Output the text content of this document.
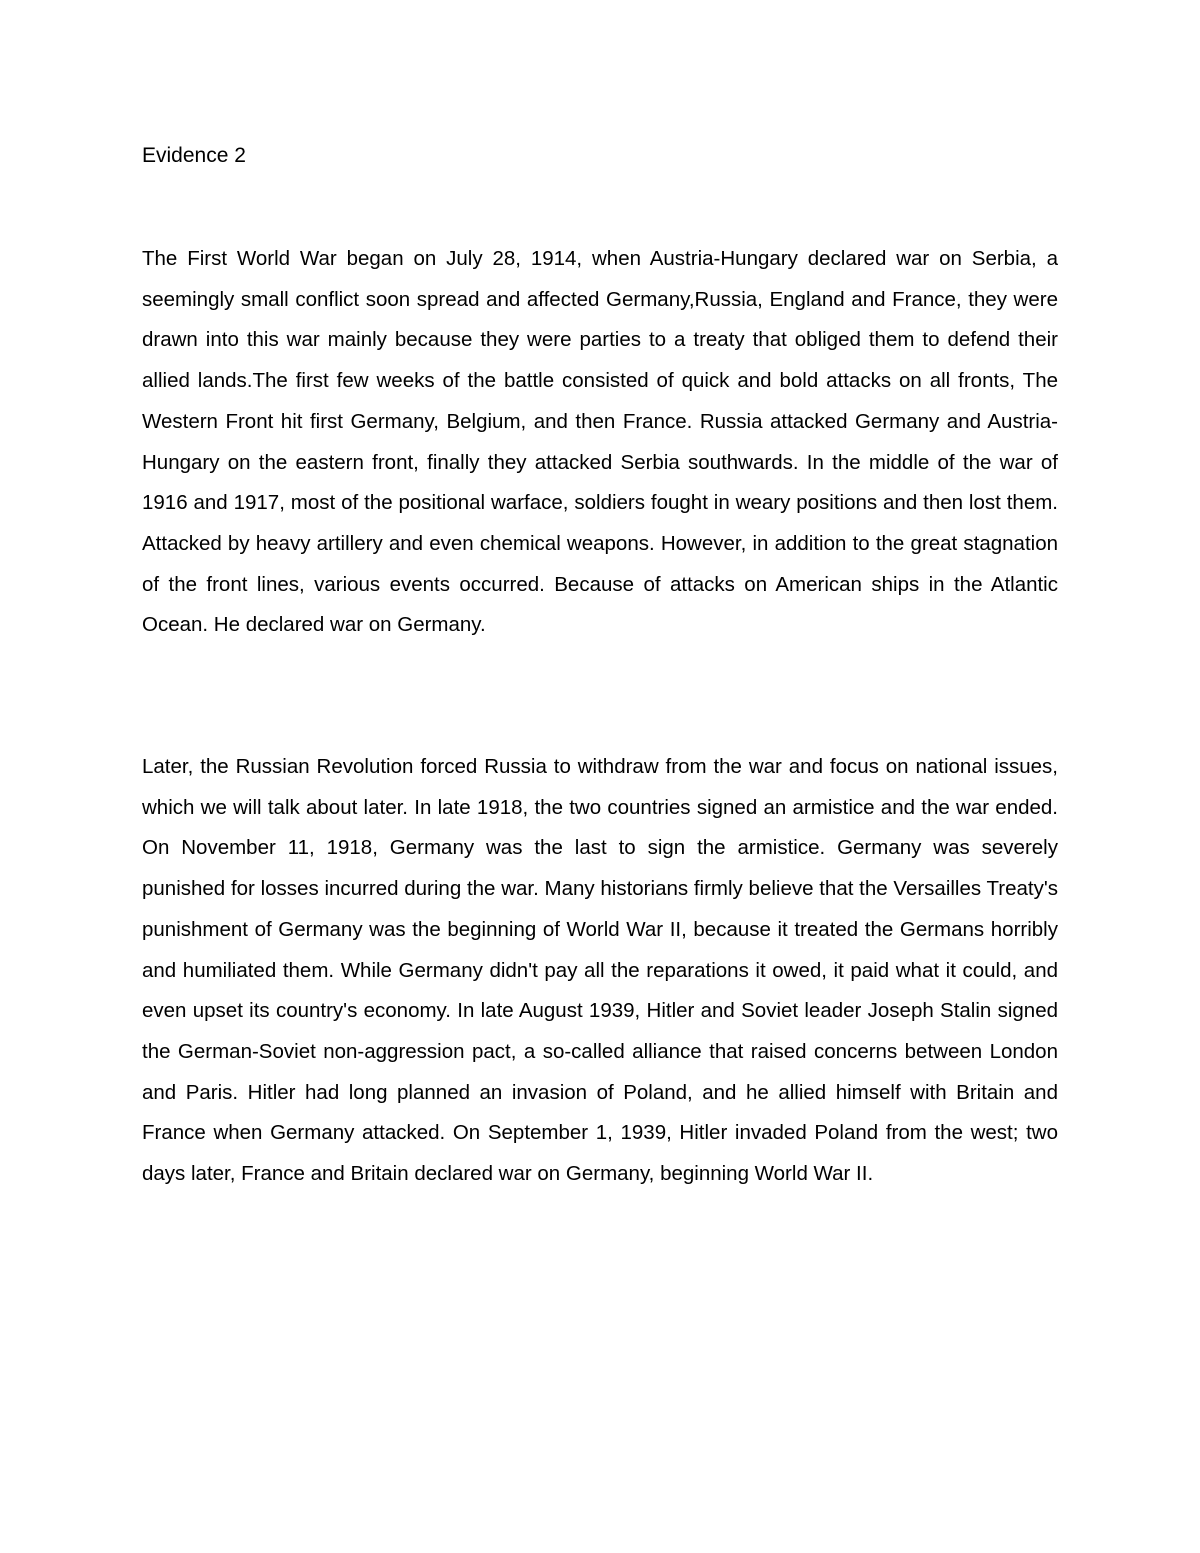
Evidence 2

The First World War began on July 28, 1914, when Austria-Hungary declared war on Serbia, a seemingly small conflict soon spread and affected Germany,Russia, England and France, they were drawn into this war mainly because they were parties to a treaty that obliged them to defend their allied lands.The first few weeks of the battle consisted of quick and bold attacks on all fronts, The Western Front hit first Germany, Belgium, and then France. Russia attacked Germany and Austria-Hungary on the eastern front, finally they attacked Serbia southwards. In the middle of the war of 1916 and 1917, most of the positional warface, soldiers fought in weary positions and then lost them. Attacked by heavy artillery and even chemical weapons. However, in addition to the great stagnation of the front lines, various events occurred. Because of attacks on American ships in the Atlantic Ocean. He declared war on Germany.

Later, the Russian Revolution forced Russia to withdraw from the war and focus on national issues, which we will talk about later. In late 1918, the two countries signed an armistice and the war ended. On November 11, 1918, Germany was the last to sign the armistice. Germany was severely punished for losses incurred during the war. Many historians firmly believe that the Versailles Treaty's punishment of Germany was the beginning of World War II, because it treated the Germans horribly and humiliated them. While Germany didn't pay all the reparations it owed, it paid what it could, and even upset its country's economy. In late August 1939, Hitler and Soviet leader Joseph Stalin signed the German-Soviet non-aggression pact, a so-called alliance that raised concerns between London and Paris. Hitler had long planned an invasion of Poland, and he allied himself with Britain and France when Germany attacked. On September 1, 1939, Hitler invaded Poland from the west; two days later, France and Britain declared war on Germany, beginning World War II.
